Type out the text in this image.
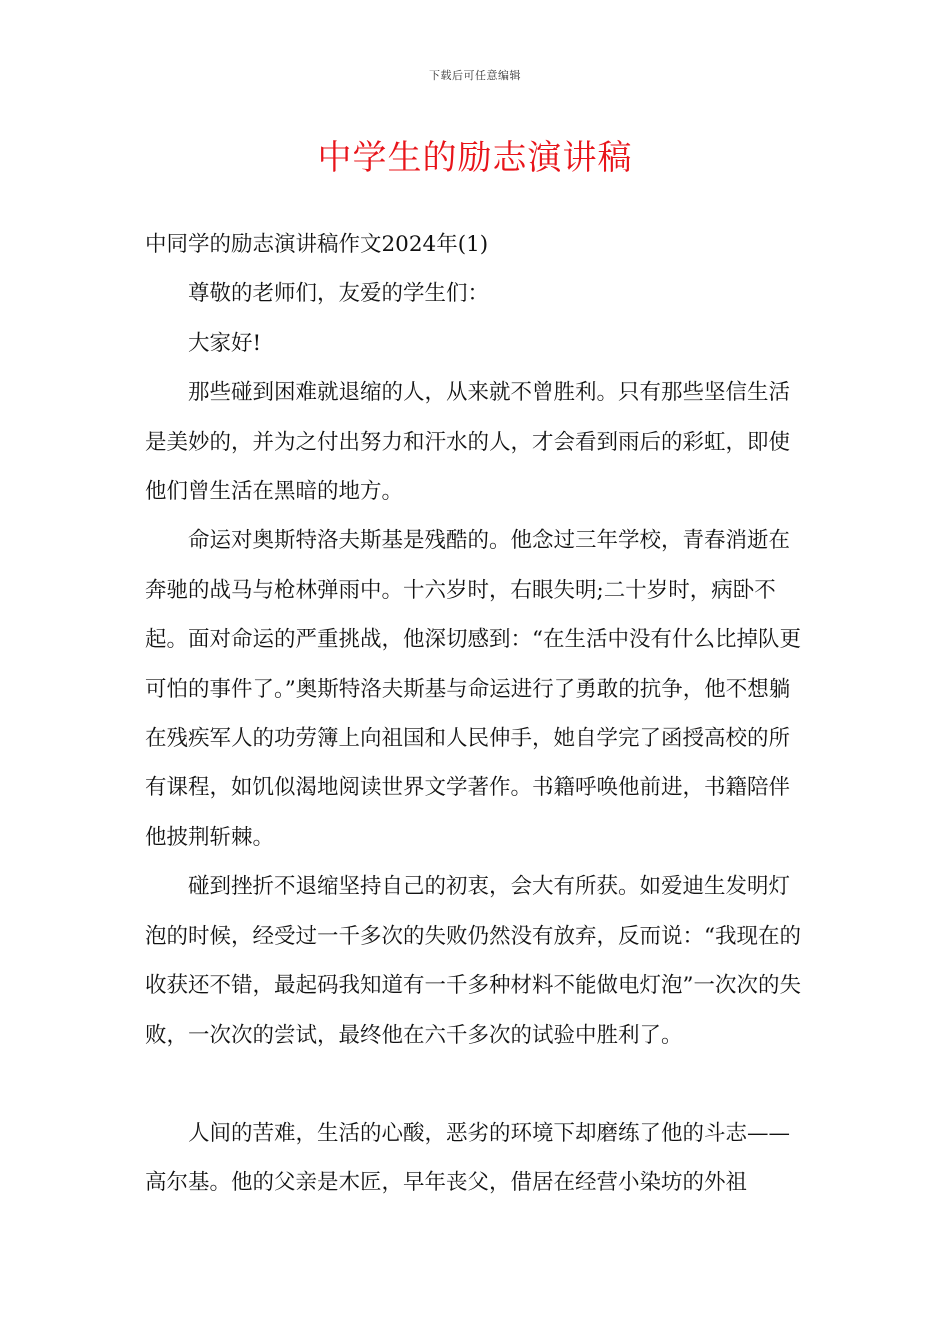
下载后可任意编辑
中学生的励志演讲稿

中同学的励志演讲稿作文2024年(1)

尊敬的老师们，友爱的学生们：

大家好!

那些碰到困难就退缩的人，从来就不曾胜利。只有那些坚信生活是美妙的，并为之付出努力和汗水的人，才会看到雨后的彩虹，即使他们曾生活在黑暗的地方。

命运对奥斯特洛夫斯基是残酷的。他念过三年学校，青春消逝在奔驰的战马与枪林弹雨中。十六岁时，右眼失明;二十岁时，病卧不起。面对命运的严重挑战，他深切感到：“在生活中没有什么比掉队更可怕的事件了。”奥斯特洛夫斯基与命运进行了勇敢的抗争，他不想躺在残疾军人的功劳簿上向祖国和人民伸手，她自学完了函授高校的所有课程，如饥似渴地阅读世界文学著作。书籍呼唤他前进，书籍陪伴他披荆斩棘。

碰到挫折不退缩坚持自己的初衷，会大有所获。如爱迪生发明灯泡的时候，经受过一千多次的失败仍然没有放弃，反而说：“我现在的收获还不错，最起码我知道有一千多种材料不能做电灯泡”一次次的失败，一次次的尝试，最终他在六千多次的试验中胜利了。

人间的苦难，生活的心酸，恶劣的环境下却磨练了他的斗志——高尔基。他的父亲是木匠，早年丧父，借居在经营小染坊的外祖
